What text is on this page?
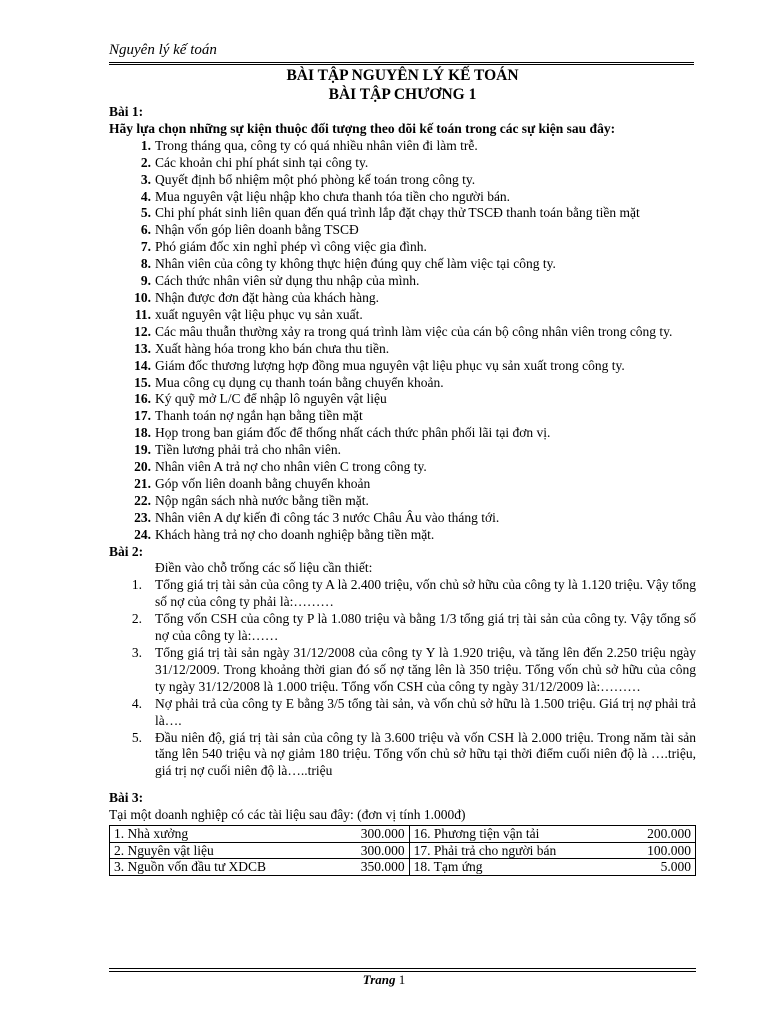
Nguyên lý kế toán
BÀI TẬP NGUYÊN LÝ KẾ TOÁN
BÀI TẬP CHƯƠNG 1
Bài 1:
Hãy lựa chọn những sự kiện thuộc đối tượng theo dõi kế toán trong các sự kiện sau đây:
1. Trong tháng qua, công ty có quá nhiều nhân viên đi làm trễ.
2. Các khoản chi phí phát sinh tại công ty.
3. Quyết định bổ nhiệm một phó phòng kế toán trong công ty.
4. Mua nguyên vật liệu nhập kho chưa thanh tóa tiền cho người bán.
5. Chi phí phát sinh liên quan đến quá trình lắp đặt chạy thử TSCĐ thanh toán bằng tiền mặt
6. Nhận vốn góp liên doanh bằng TSCĐ
7. Phó giám đốc xin nghỉ phép vì công việc gia đình.
8. Nhân viên của công ty không thực hiện đúng quy chế làm việc tại công ty.
9. Cách thức nhân viên sử dụng thu nhập của mình.
10. Nhận được đơn đặt hàng của khách hàng.
11. xuất nguyên vật liệu phục vụ sản xuất.
12. Các mâu thuẫn thường xảy ra trong quá trình làm việc của cán bộ công nhân viên trong công ty.
13. Xuất hàng hóa trong kho bán chưa thu tiền.
14. Giám đốc thương lượng hợp đồng mua nguyên vật liệu phục vụ sản xuất trong công ty.
15. Mua công cụ dụng cụ thanh toán bằng chuyển khoản.
16. Ký quỹ mở L/C để nhập lô nguyên vật liệu
17. Thanh toán nợ ngắn hạn bằng tiền mặt
18. Họp trong ban giám đốc để thống nhất cách thức phân phối lãi tại đơn vị.
19. Tiền lương phải trả cho nhân viên.
20. Nhân viên A trả nợ cho nhân viên C trong công ty.
21. Góp vốn liên doanh bằng chuyển khoản
22. Nộp ngân sách nhà nước bằng tiền mặt.
23. Nhân viên A dự kiến đi công tác 3 nước Châu Âu vào tháng tới.
24. Khách hàng trả nợ cho doanh nghiệp bằng tiền mặt.
Bài 2:
Điền vào chỗ trống các số liệu cần thiết:
1. Tổng giá trị tài sản của công ty A là 2.400 triệu, vốn chủ sở hữu của công ty là 1.120 triệu. Vậy tổng số nợ của công ty phải là:………
2. Tổng vốn CSH của công ty P là 1.080 triệu và bằng 1/3 tổng giá trị tài sản của công ty. Vậy tổng số nợ của công ty là:……
3. Tổng giá trị tài sản ngày 31/12/2008 của công ty Y là 1.920 triệu, và tăng lên đến 2.250 triệu ngày 31/12/2009. Trong khoảng thời gian đó số nợ tăng lên là 350 triệu. Tổng vốn chủ sở hữu của công ty ngày 31/12/2008 là 1.000 triệu. Tổng vốn CSH của công ty ngày 31/12/2009 là:………
4. Nợ phải trả của công ty E bằng 3/5 tổng tài sản, và vốn chủ sở hữu là 1.500 triệu. Giá trị nợ phải trả là….
5. Đầu niên độ, giá trị tài sản của công ty là 3.600 triệu và vốn CSH là 2.000 triệu. Trong năm tài sản tăng lên 540 triệu và nợ giảm 180 triệu. Tổng vốn chủ sở hữu tại thời điểm cuối niên độ là ….triệu, giá trị nợ cuối niên độ là…..triệu
Bài 3:
Tại một doanh nghiệp có các tài liệu sau đây: (đơn vị tính 1.000đ)
1. Nhà xưởng	300.000	16. Phương tiện vận tải	200.000
2. Nguyên vật liệu	300.000	17. Phải trả cho người bán	100.000
3. Nguồn vốn đầu tư XDCB	350.000	18. Tạm ứng	5.000
Trang 1
